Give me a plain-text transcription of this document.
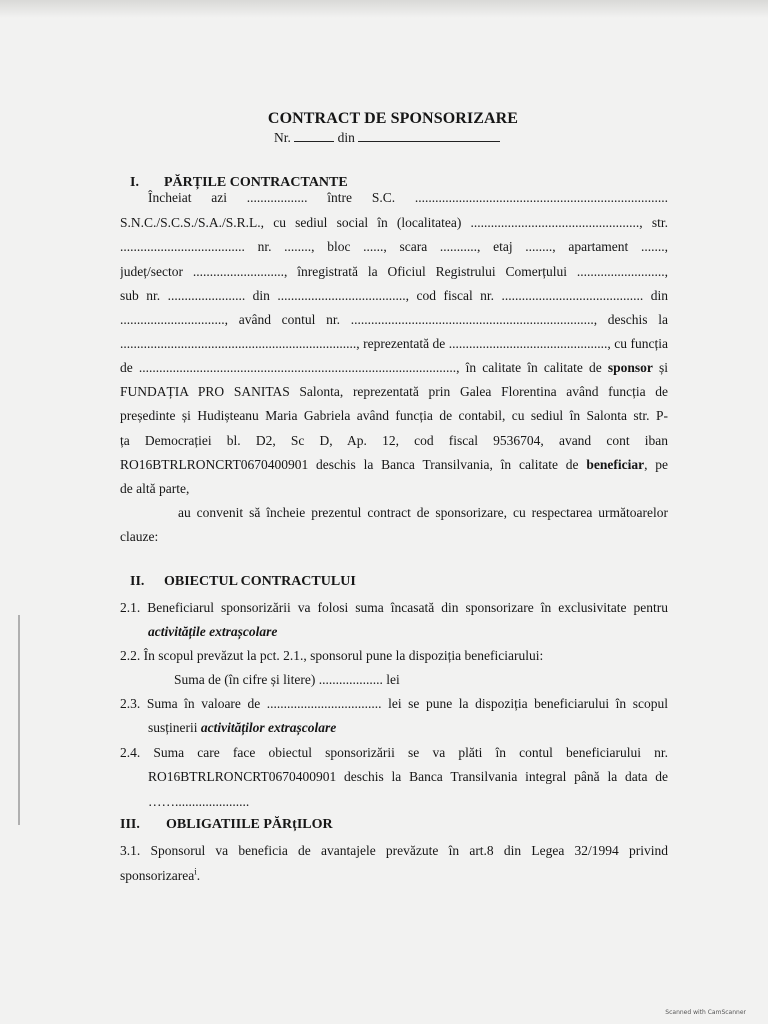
CONTRACT DE SPONSORIZARE
Nr.	din
I. PĂRȚILE CONTRACTANTE
Încheiat azi .................. între S.C. ...........................................................................
S.N.C./S.C.S./S.A./S.R.L., cu sediul social în (localitatea) .................................................., str.
..................................... nr. ........, bloc ......, scara ..........., etaj ........, apartament .......,
județ/sector ..........................., înregistrată la Oficiul Registrului Comerțului ..........................,
sub nr. ....................... din ......................................, cod fiscal nr. .......................................... din
..............................., având contul nr. ........................................................................, deschis la
......................................................................, reprezentată de ..............................................., cu funcția
de .............................................................................................., în calitate în calitate de sponsor și
FUNDAȚIA PRO SANITAS Salonta, reprezentată prin Galea Florentina având funcția de
președinte și Hudișteanu Maria Gabriela având funcția de contabil, cu sediul în Salonta str. P-
ța Democrației bl. D2, Sc D, Ap. 12, cod fiscal 9536704, avand cont iban
RO16BTRLRONCRT0670400901 deschis la Banca Transilvania, în calitate de beneficiar, pe
de altă parte,
au convenit să încheie prezentul contract de sponsorizare, cu respectarea următoarelor
clauze:
II. OBIECTUL CONTRACTULUI
2.1. Beneficiarul sponsorizării va folosi suma încasată din sponsorizare în exclusivitate pentru
activitățile extrașcolare
2.2. În scopul prevăzut la pct. 2.1., sponsorul pune la dispoziția beneficiarului:
Suma de (în cifre și litere) ................... lei
2.3. Suma în valoare de .................................. lei se pune la dispoziția beneficiarului în scopul
susținerii activităților extrașcolare
2.4. Suma care face obiectul sponsorizării se va plăti în contul beneficiarului nr.
RO16BTRLRONCRT0670400901 deschis la Banca Transilvania integral până la data de
……......................
III. OBLIGATIILE PĂRțILOR
3.1. Sponsorul va beneficia de avantajele prevăzute în art.8 din Legea 32/1994 privind
sponsorizarea$^i$.
Scanned with CamScanner
